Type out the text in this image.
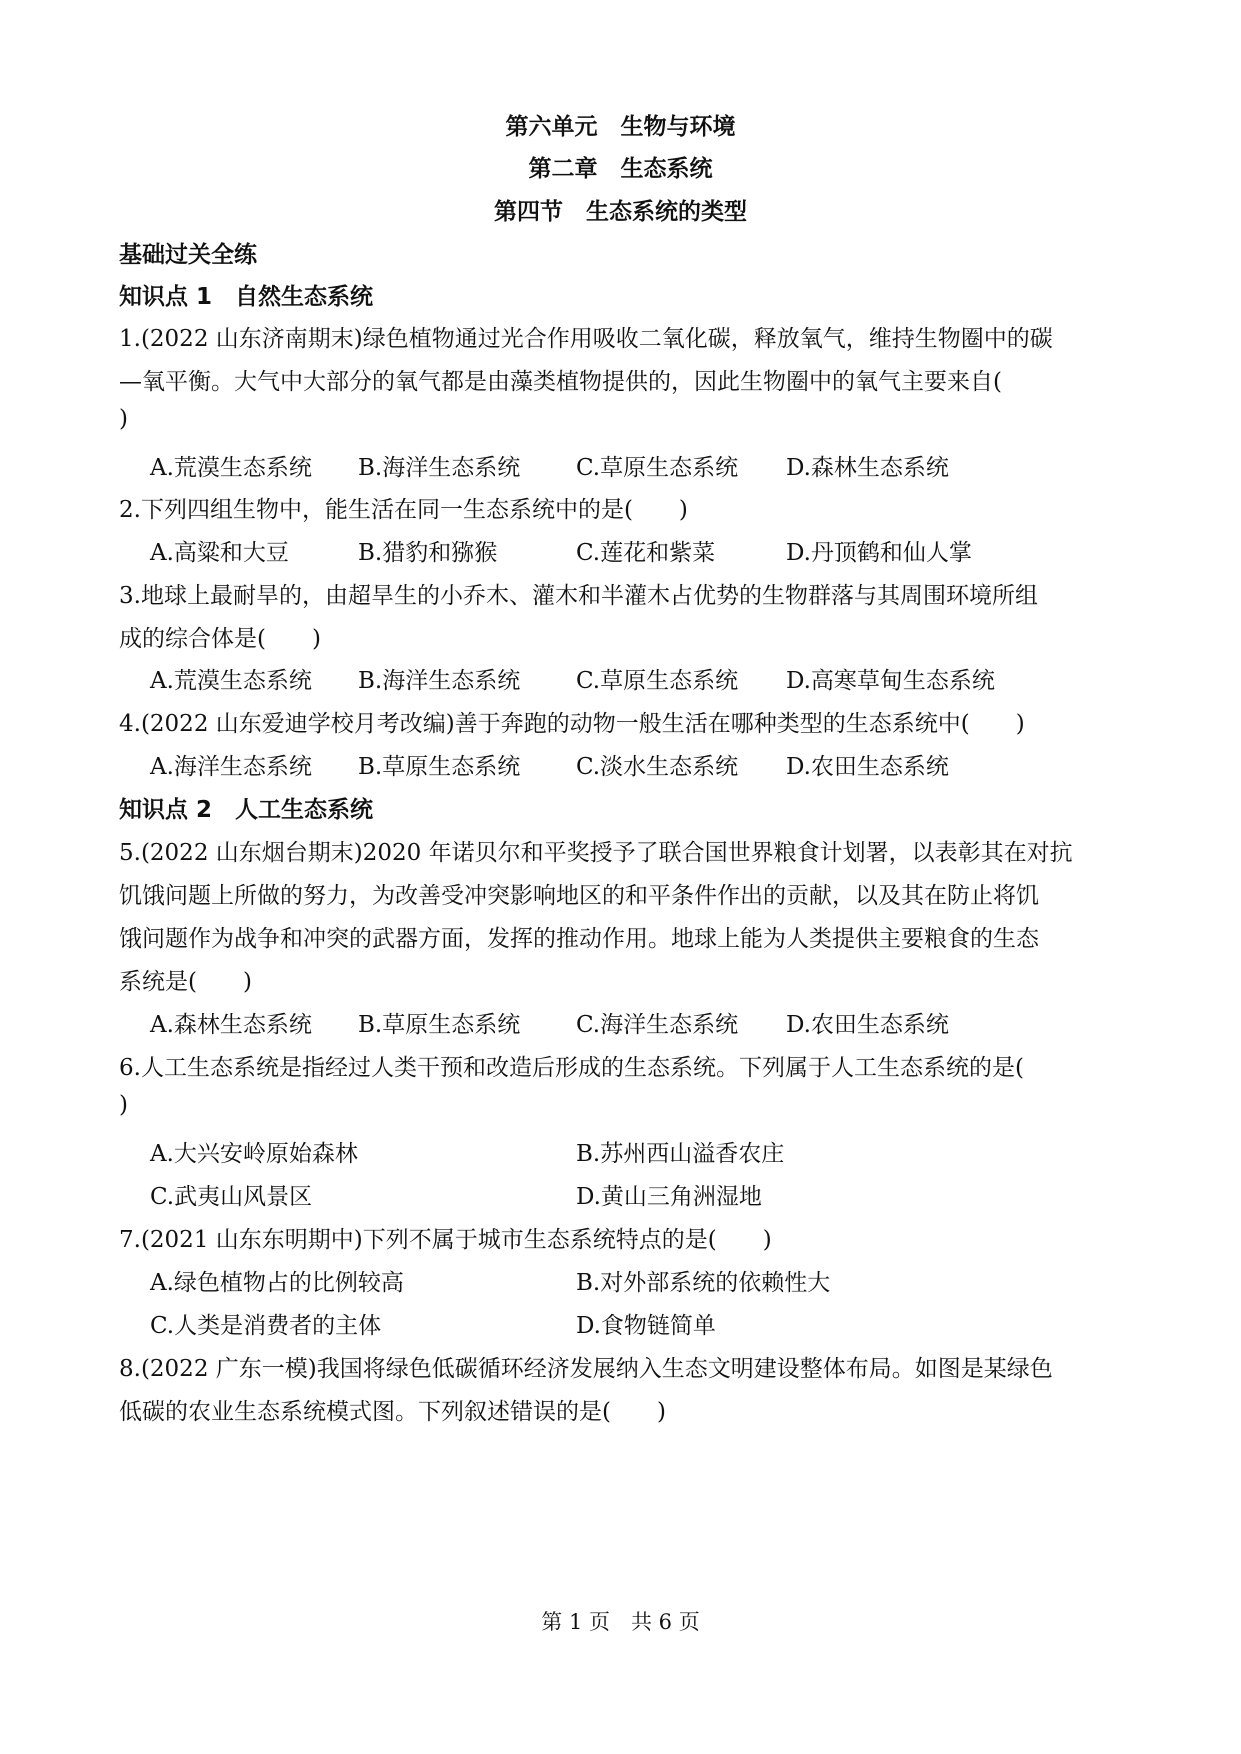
第六单元　生物与环境
第二章　生态系统
第四节　生态系统的类型
基础过关全练
知识点 1　自然生态系统
1.(2022 山东济南期末)绿色植物通过光合作用吸收二氧化碳，释放氧气，维持生物圈中的碳
—氧平衡。大气中大部分的氧气都是由藻类植物提供的，因此生物圈中的氧气主要来自(
)
A.荒漠生态系统 B.海洋生态系统 C.草原生态系统 D.森林生态系统
2.下列四组生物中，能生活在同一生态系统中的是(　　)
A.高粱和大豆	B.猎豹和猕猴	C.莲花和紫菜	D.丹顶鹤和仙人掌
3.地球上最耐旱的，由超旱生的小乔木、灌木和半灌木占优势的生物群落与其周围环境所组
成的综合体是(　　)
A.荒漠生态系统 B.海洋生态系统 C.草原生态系统 D.高寒草甸生态系统
4.(2022 山东爱迪学校月考改编)善于奔跑的动物一般生活在哪种类型的生态系统中(　　)
A.海洋生态系统 B.草原生态系统 C.淡水生态系统 D.农田生态系统
知识点 2　人工生态系统
5.(2022 山东烟台期末)2020 年诺贝尔和平奖授予了联合国世界粮食计划署，以表彰其在对抗
饥饿问题上所做的努力，为改善受冲突影响地区的和平条件作出的贡献，以及其在防止将饥
饿问题作为战争和冲突的武器方面，发挥的推动作用。地球上能为人类提供主要粮食的生态
系统是(　　)
A.森林生态系统 B.草原生态系统 C.海洋生态系统 D.农田生态系统
6.人工生态系统是指经过人类干预和改造后形成的生态系统。下列属于人工生态系统的是(
)
A.大兴安岭原始森林	B.苏州西山溢香农庄
C.武夷山风景区	D.黄山三角洲湿地
7.(2021 山东东明期中)下列不属于城市生态系统特点的是(　　)
A.绿色植物占的比例较高	B.对外部系统的依赖性大
C.人类是消费者的主体	D.食物链简单
8.(2022 广东一模)我国将绿色低碳循环经济发展纳入生态文明建设整体布局。如图是某绿色
低碳的农业生态系统模式图。下列叙述错误的是(　　)
第 1 页　共 6 页
